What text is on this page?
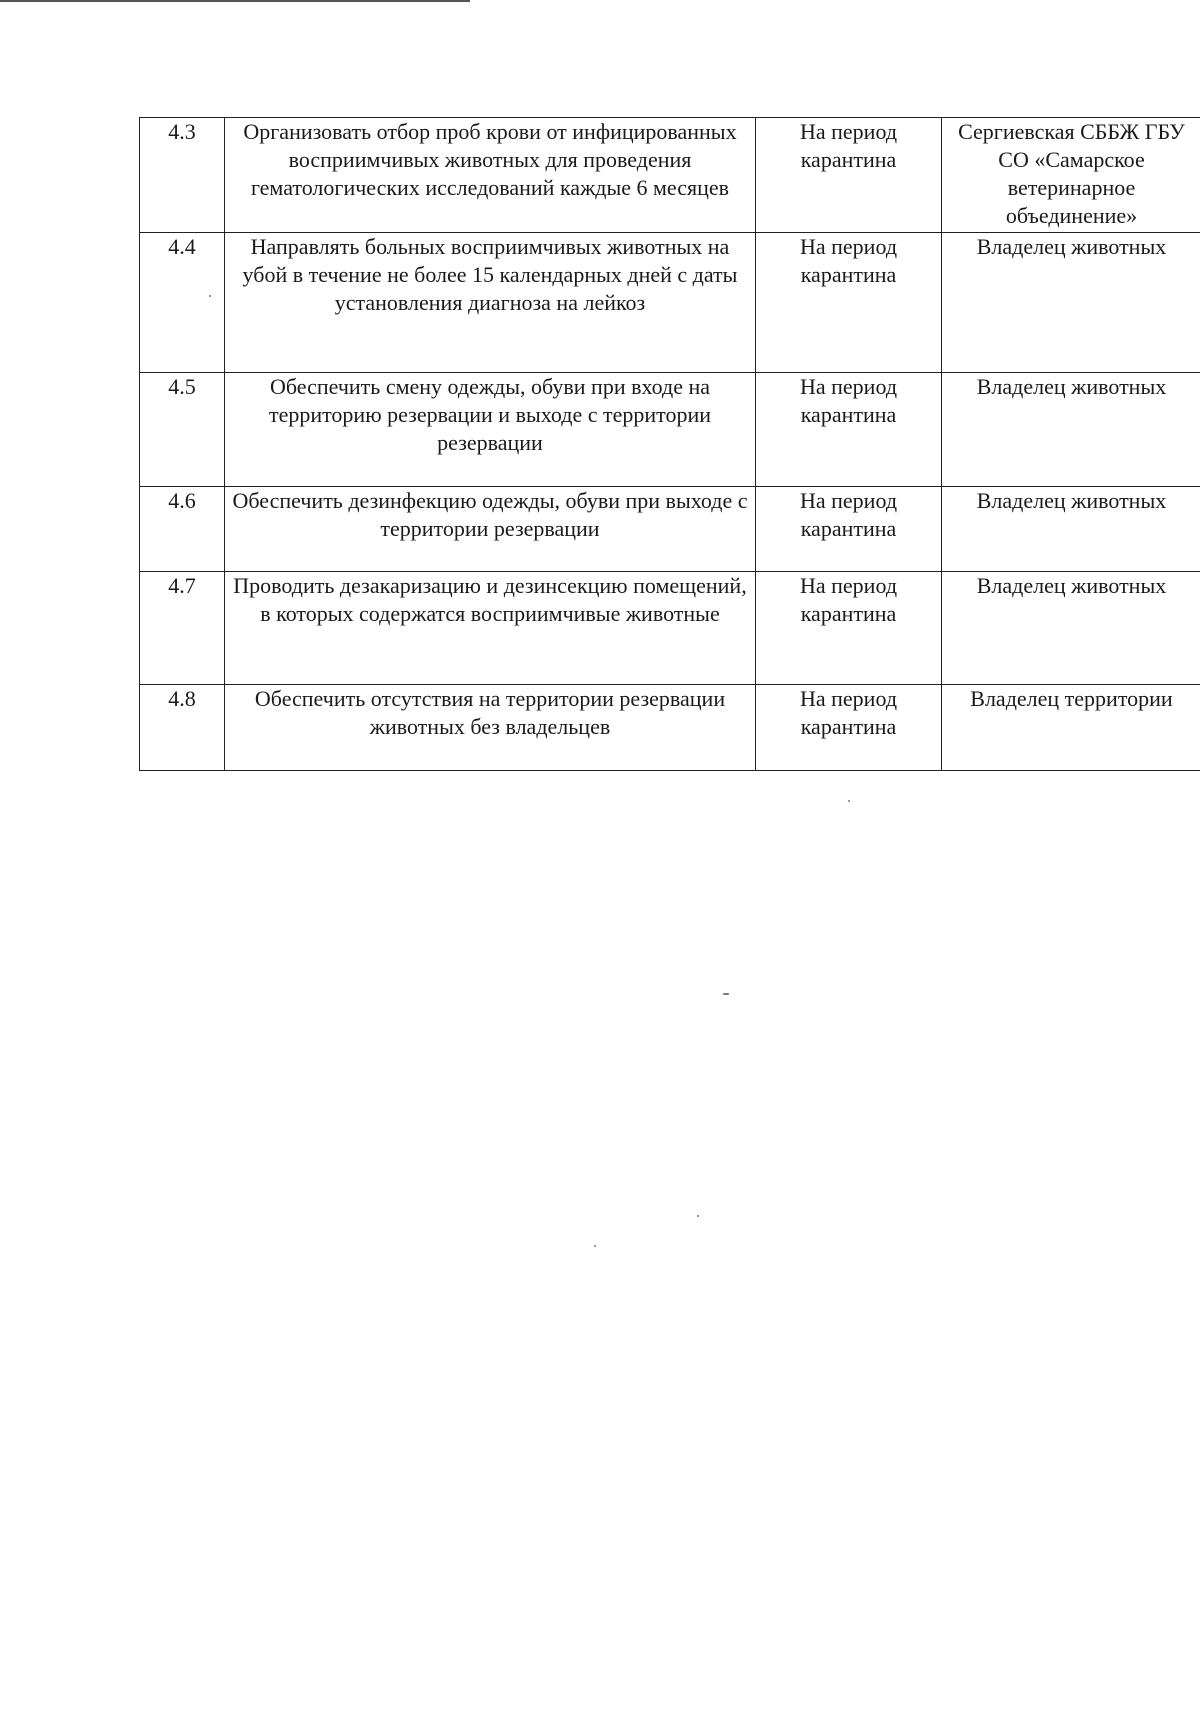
4.3	Организовать отбор проб крови от инфицированных восприимчивых животных для проведения гематологических исследований каждые 6 месяцев	На период карантина	Сергиевская СББЖ ГБУ СО «Самарское ветеринарное объединение»
4.4	Направлять больных восприимчивых животных на убой в течение не более 15 календарных дней с даты установления диагноза на лейкоз	На период карантина	Владелец животных
4.5	Обеспечить смену одежды, обуви при входе на территорию резервации и выходе с территории резервации	На период карантина	Владелец животных
4.6	Обеспечить дезинфекцию одежды, обуви при выходе с территории резервации	На период карантина	Владелец животных
4.7	Проводить дезакаризацию и дезинсекцию помещений, в которых содержатся восприимчивые животные	На период карантина	Владелец животных
4.8	Обеспечить отсутствия на территории резервации животных без владельцев	На период карантина	Владелец территории
